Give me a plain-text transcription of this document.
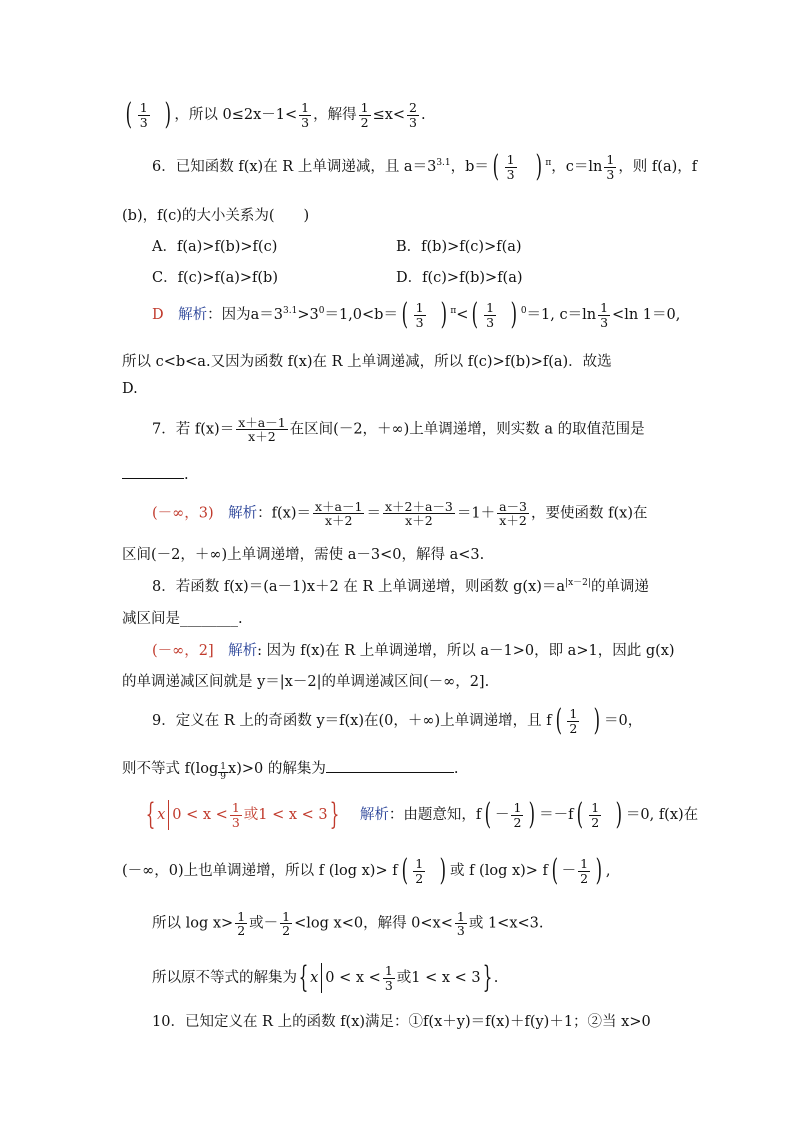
( $\frac{1}{3}$ ) ，所以 $0\le 2x-1< \frac{1}{3}$ ，解得 $\frac{1}{2} \le x< \frac{2}{3}$ .
6．已知函数 f(x)在 R 上单调递减，且 $a=3^{3.1}$，b＝ ( $\frac{1}{3}$ ) $^\pi$，$c=\ln \frac{1}{3}$ ，则 f(a)，f
(b)，f(c)的大小关系为(　　)
A．f(a)>f(b)>f(c)	B．f(b)>f(c)>f(a)
C．f(c)>f(a)>f(b)	D．f(c)>f(b)>f(a)
D　 解析：因为$a=3^{3.1}>3^0=1,0<b=$ ( $\frac{1}{3}$ ) $^\pi$< ( $\frac{1}{3}$ ) $^0$＝1, $c=\ln \frac{1}{3} <\ln$ 1＝0,
所以 c<b<a.又因为函数 f(x)在 R 上单调递减，所以 f(c)>f(b)>f(a)．故选
D.
7．若 $f(x)= \frac{x+a-1}{x+2}$ 在区间(－2，＋∞)上单调递增，则实数 a 的取值范围是
.
(－∞，3)　 解析：$f(x)= \frac{x+a-1}{x+2} = \frac{x+2+a-3}{x+2} =1+ \frac{a-3}{x+2}$ ，要使函数 f(x)在
区间(－2，＋∞)上单调递增，需使 a－3<0，解得 a<3.
8．若函数 f(x)＝(a－1)x＋2 在 R 上单调递增，则函数 $g(x)=a^{|x-2|}$的单调递
减区间是________.
(－∞，2]　 解析: 因为 f(x)在 R 上单调递增，所以 a－1>0，即 a>1，因此 g(x)
的单调递减区间就是 y＝|x－2|的单调递减区间(－∞，2].
9．定义在 R 上的奇函数 y＝f(x)在(0，＋∞)上单调递增，且 f ( $\frac{1}{2}$ ) ＝0，
则不等式 f(log $_{\frac{1}{9}}$ x)>0 的解集为	.
{ x $0 < x < \frac{1}{3}$ 或1 < x < 3} 　 解析：由题意知，f ( － $\frac{1}{2}$ ) ＝－f ( $\frac{1}{2}$ ) ＝0, f(x)在
(－∞，0)上也单调递增，所以 f (log x)> f ( $\frac{1}{2}$ ) 或 f (log x)> f ( － $\frac{1}{2}$ ) ,
所以 $\log x> \frac{1}{2}$ 或－ $\frac{1}{2} <\log$ x<0，解得 $0<x< \frac{1}{3}$ 或 1<x<3.
所以原不等式的解集为{ x $0 < x < \frac{1}{3}$ 或1 < x < 3} .
10．已知定义在 R 上的函数 f(x)满足：①f(x＋y)＝f(x)＋f(y)＋1；②当 x>0
